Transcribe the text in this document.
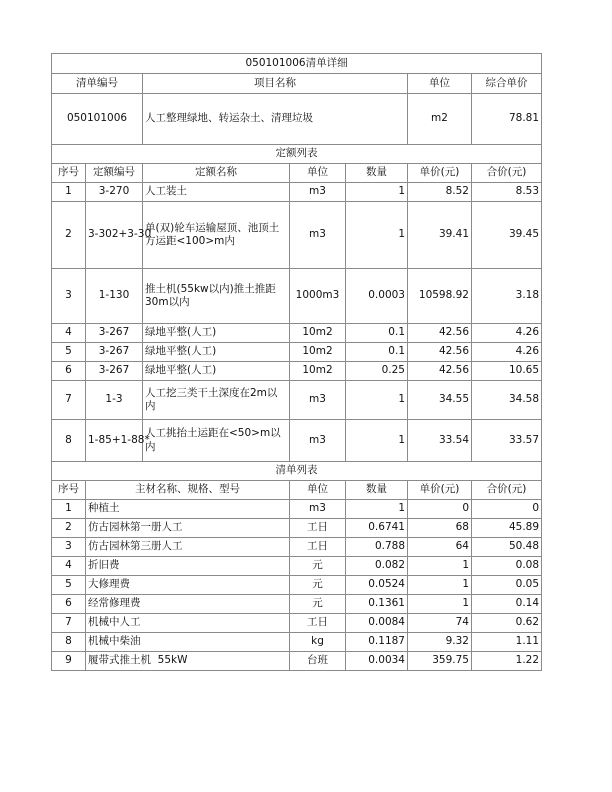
050101006清单详细						
清单编号		项目名称			单位	综合单价
050101006		人工整理绿地、转运杂土、清理垃圾			m2	78.81
定额列表						
序号	定额编号	定额名称	单位	数量	单价(元)	合价(元)
1	3-270	人工装土	m3	1	8.52	8.53
2	3-302+3-30	单(双)轮车运输屋顶、池顶土方运距<100>m内	m3	1	39.41	39.45
3	1-130	推土机(55kw以内)推土推距30m以内	1000m3	0.0003	10598.92	3.18
4	3-267	绿地平整(人工)	10m2	0.1	42.56	4.26
5	3-267	绿地平整(人工)	10m2	0.1	42.56	4.26
6	3-267	绿地平整(人工)	10m2	0.25	42.56	10.65
7	1-3	人工挖三类干土深度在2m以内	m3	1	34.55	34.58
8	1-85+1-88*	人工挑抬土运距在<50>m以内	m3	1	33.54	33.57
清单列表						
序号	主材名称、规格、型号		单位	数量	单价(元)	合价(元)
1	种植土		m3	1	0	0
2	仿古园林第一册人工		工日	0.6741	68	45.89
3	仿古园林第三册人工		工日	0.788	64	50.48
4	折旧费		元	0.082	1	0.08
5	大修理费		元	0.0524	1	0.05
6	经常修理费		元	0.1361	1	0.14
7	机械中人工		工日	0.0084	74	0.62
8	机械中柴油		kg	0.1187	9.32	1.11
9	履带式推土机  55kW		台班	0.0034	359.75	1.22
